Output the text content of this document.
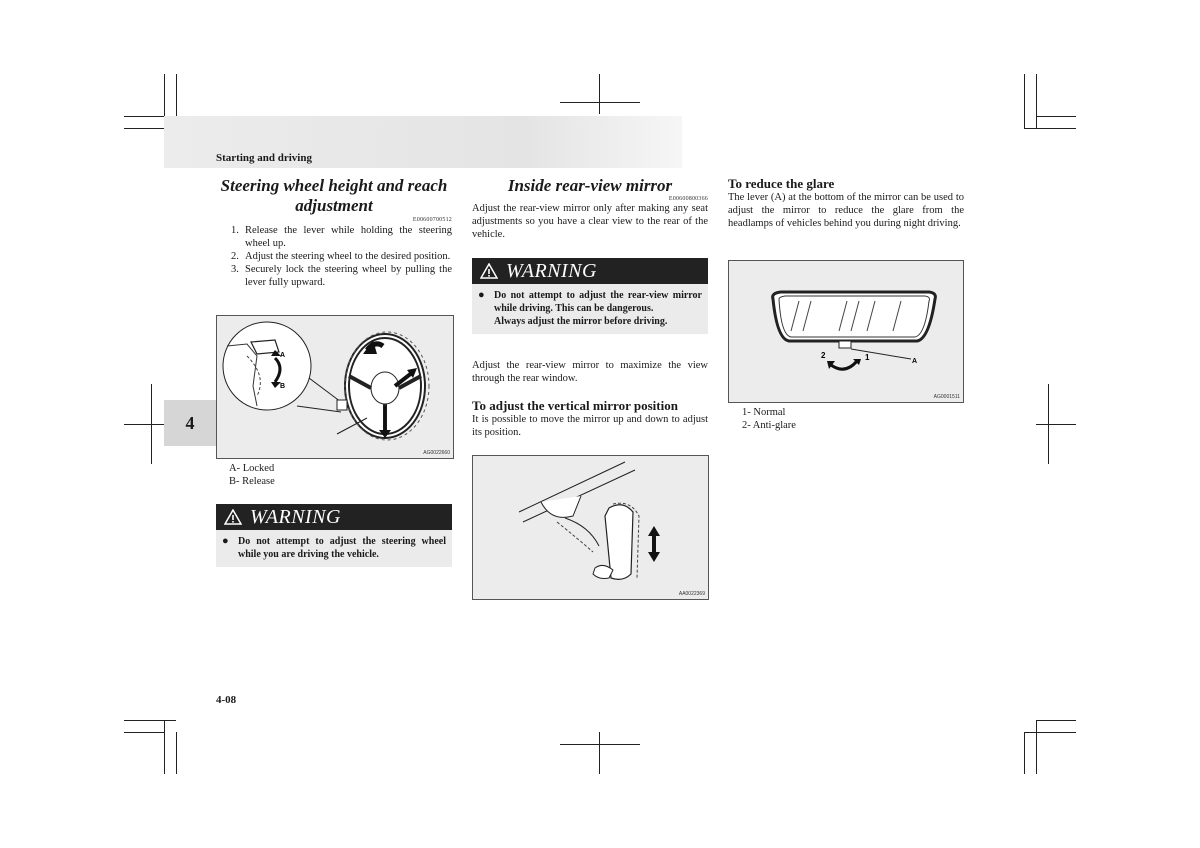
Starting and driving
4
Steering wheel height and reach adjustment
E00600700512
1. Release the lever while holding the steering wheel up.
2. Adjust the steering wheel to the desired position.
3. Securely lock the steering wheel by pulling the lever fully upward.
A
B
AG0022660
A- Locked
B- Release
WARNING
● Do not attempt to adjust the steering wheel while you are driving the vehicle.
Inside rear-view mirror
E00600800366
Adjust the rear-view mirror only after making any seat adjustments so you have a clear view to the rear of the vehicle.
WARNING
● Do not attempt to adjust the rear-view mirror while driving. This can be dangerous.
Always adjust the mirror before driving.
Adjust the rear-view mirror to maximize the view through the rear window.
To adjust the vertical mirror position
It is possible to move the mirror up and down to adjust its position.
AA0022369
To reduce the glare
The lever (A) at the bottom of the mirror can be used to adjust the mirror to reduce the glare from the headlamps of vehicles behind you during night driving.
2	1	A
AG0001511
1- Normal
2- Anti-glare
4-08
